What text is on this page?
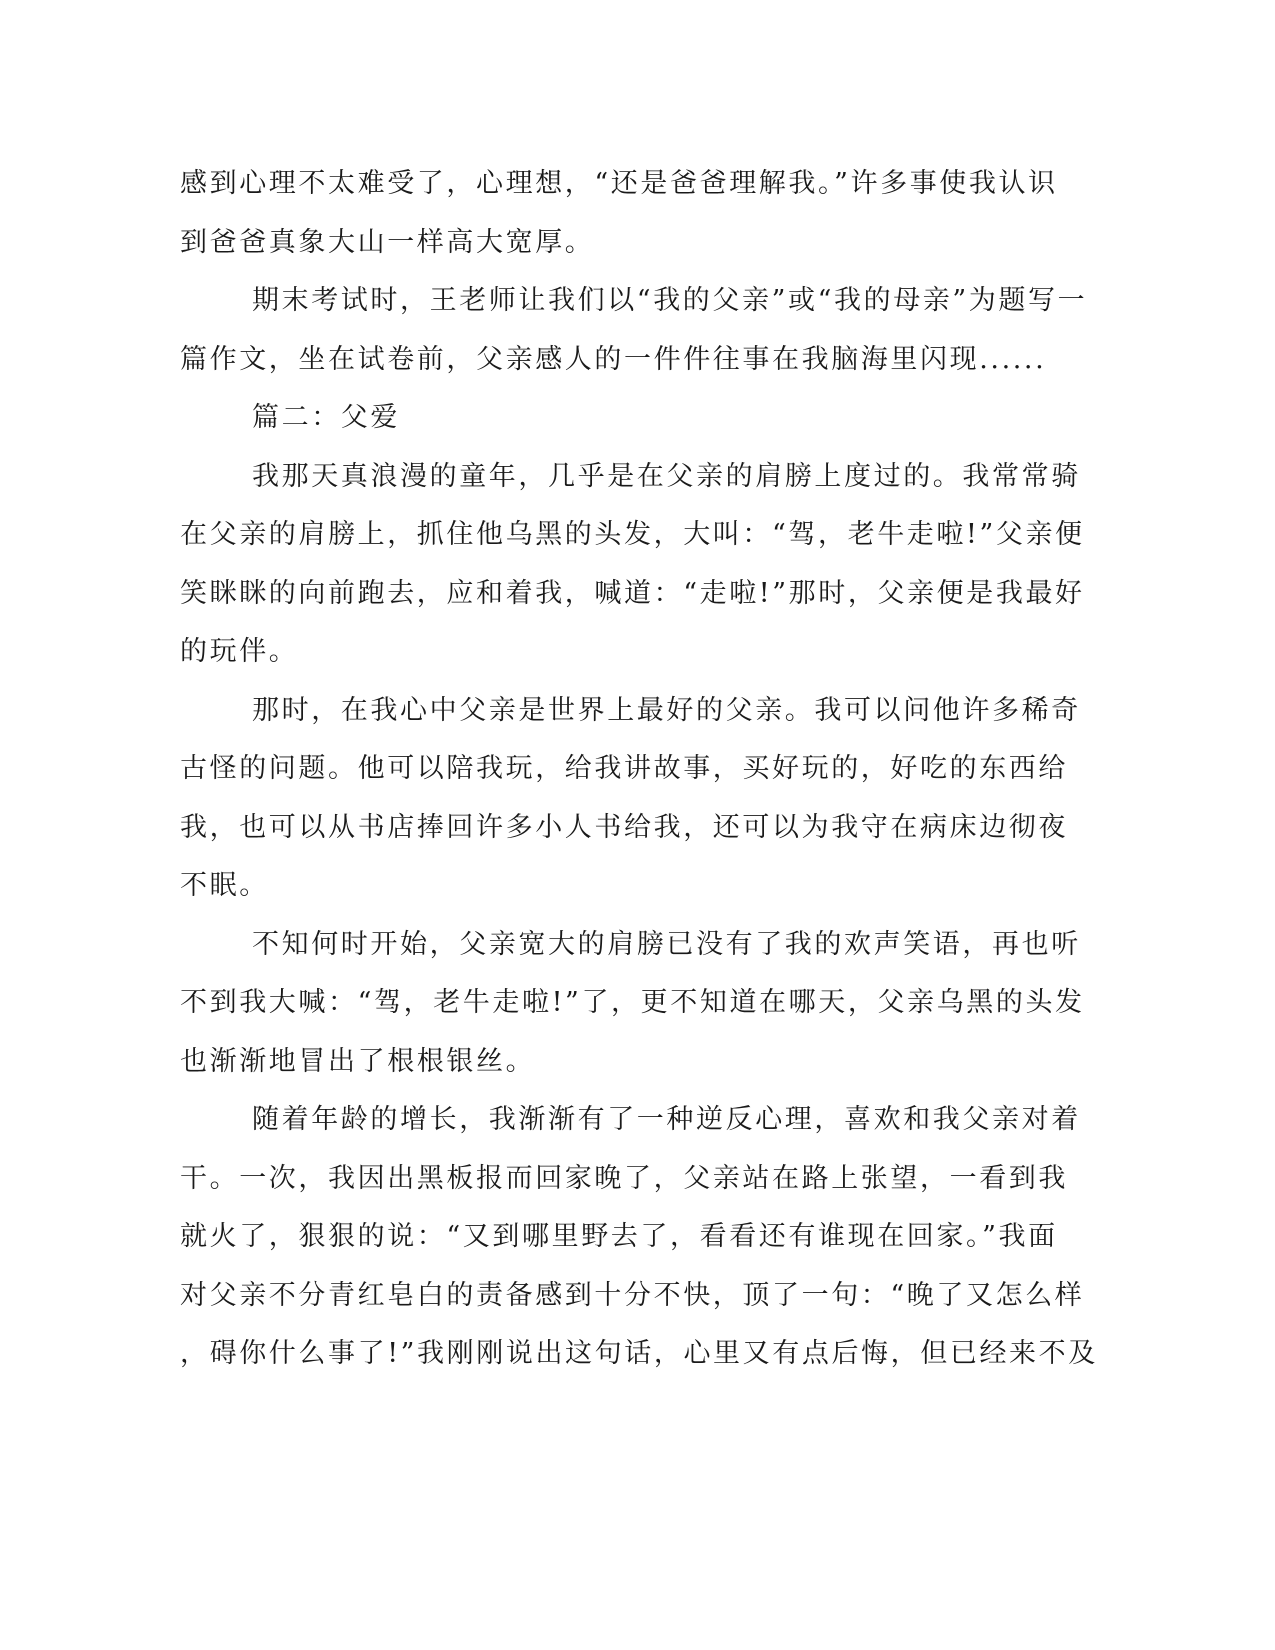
感到心理不太难受了，心理想，“还是爸爸理解我。”许多事使我认识
到爸爸真象大山一样高大宽厚。
期末考试时，王老师让我们以“我的父亲”或“我的母亲”为题写一
篇作文，坐在试卷前，父亲感人的一件件往事在我脑海里闪现......
篇二：父爱
我那天真浪漫的童年，几乎是在父亲的肩膀上度过的。我常常骑
在父亲的肩膀上，抓住他乌黑的头发，大叫：“驾，老牛走啦!”父亲便
笑眯眯的向前跑去，应和着我，喊道：“走啦!”那时，父亲便是我最好
的玩伴。
那时，在我心中父亲是世界上最好的父亲。我可以问他许多稀奇
古怪的问题。他可以陪我玩，给我讲故事，买好玩的，好吃的东西给
我，也可以从书店捧回许多小人书给我，还可以为我守在病床边彻夜
不眠。
不知何时开始，父亲宽大的肩膀已没有了我的欢声笑语，再也听
不到我大喊：“驾，老牛走啦!”了，更不知道在哪天，父亲乌黑的头发
也渐渐地冒出了根根银丝。
随着年龄的增长，我渐渐有了一种逆反心理，喜欢和我父亲对着
干。一次，我因出黑板报而回家晚了，父亲站在路上张望，一看到我
就火了，狠狠的说：“又到哪里野去了，看看还有谁现在回家。”我面
对父亲不分青红皂白的责备感到十分不快，顶了一句：“晚了又怎么样
，碍你什么事了!”我刚刚说出这句话，心里又有点后悔，但已经来不及
